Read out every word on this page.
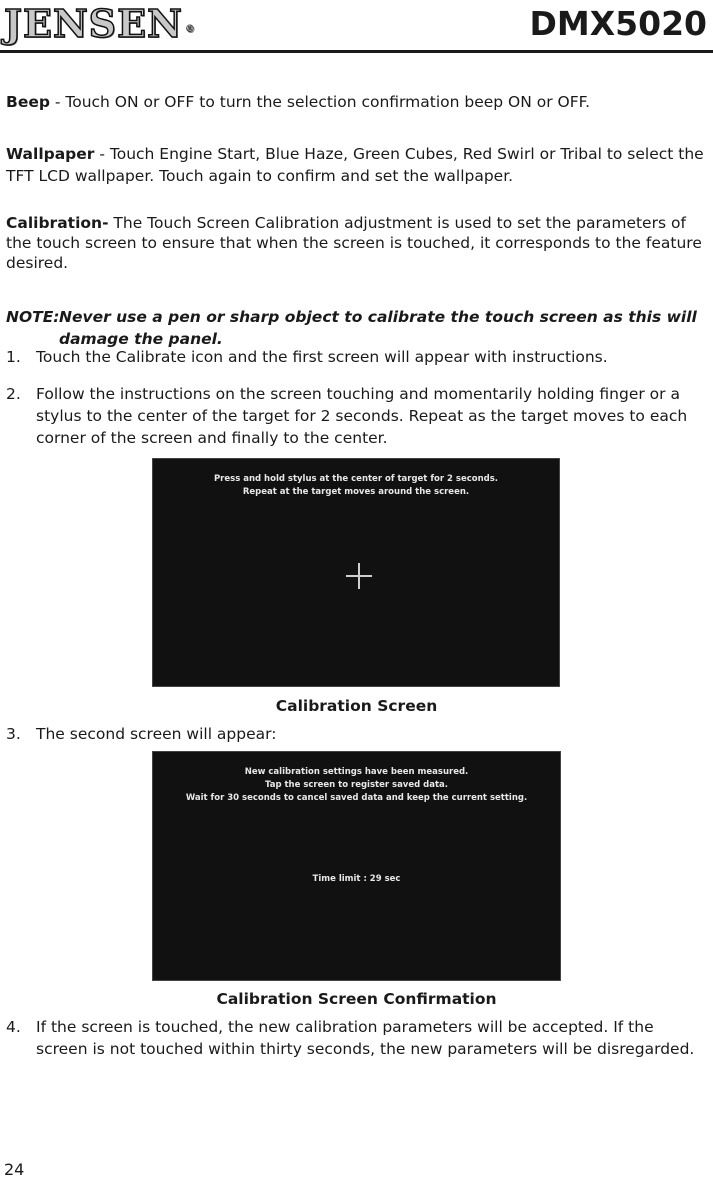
JENSEN ®	DMX5020

Beep - Touch ON or OFF to turn the selection confirmation beep ON or OFF.

Wallpaper - Touch Engine Start, Blue Haze, Green Cubes, Red Swirl or Tribal to select the TFT LCD wallpaper. Touch again to confirm and set the wallpaper.

Calibration- The Touch Screen Calibration adjustment is used to set the parameters of the touch screen to ensure that when the screen is touched, it corresponds to the feature desired.

NOTE: Never use a pen or sharp object to calibrate the touch screen as this will damage the panel.
1. Touch the Calibrate icon and the first screen will appear with instructions.
2. Follow the instructions on the screen touching and momentarily holding finger or a stylus to the center of the target for 2 seconds. Repeat as the target moves to each corner of the screen and finally to the center.
Press and hold stylus at the center of target for 2 seconds.
Repeat at the target moves around the screen.
Calibration Screen
3. The second screen will appear:
New calibration settings have been measured.
Tap the screen to register saved data.
Wait for 30 seconds to cancel saved data and keep the current setting.
Time limit : 29 sec
Calibration Screen Confirmation
4. If the screen is touched, the new calibration parameters will be accepted. If the screen is not touched within thirty seconds, the new parameters will be disregarded.
24
